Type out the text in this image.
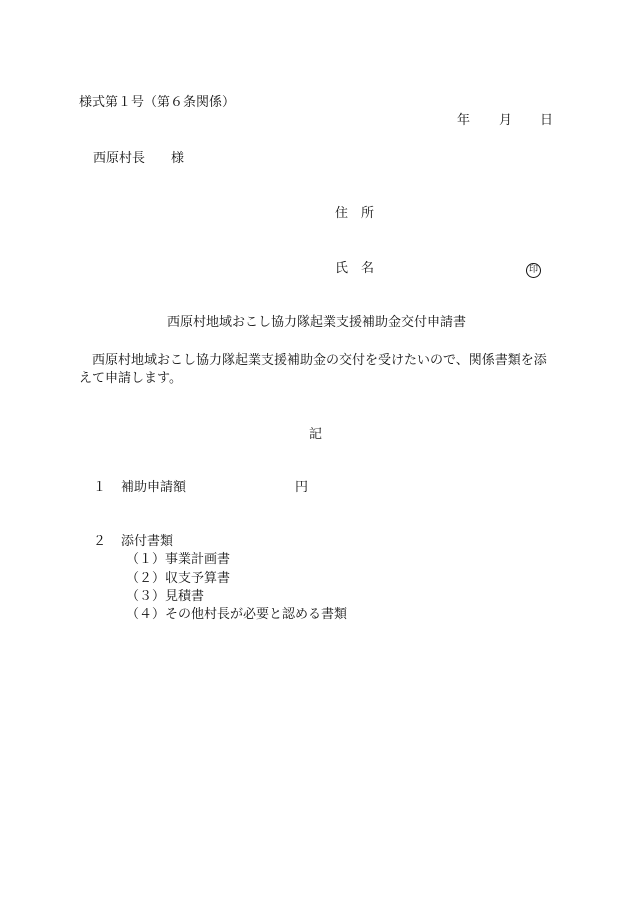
様式第１号（第６条関係）
年 月 日
西原村長　　様
住　所
氏　名	印
西原村地域おこし協力隊起業支援補助金交付申請書
西原村地域おこし協力隊起業支援補助金の交付を受けたいので、関係書類を添えて申請します。
記
１ 補助申請額	円
２ 添付書類
（１）事業計画書
（２）収支予算書
（３）見積書
（４）その他村長が必要と認める書類
